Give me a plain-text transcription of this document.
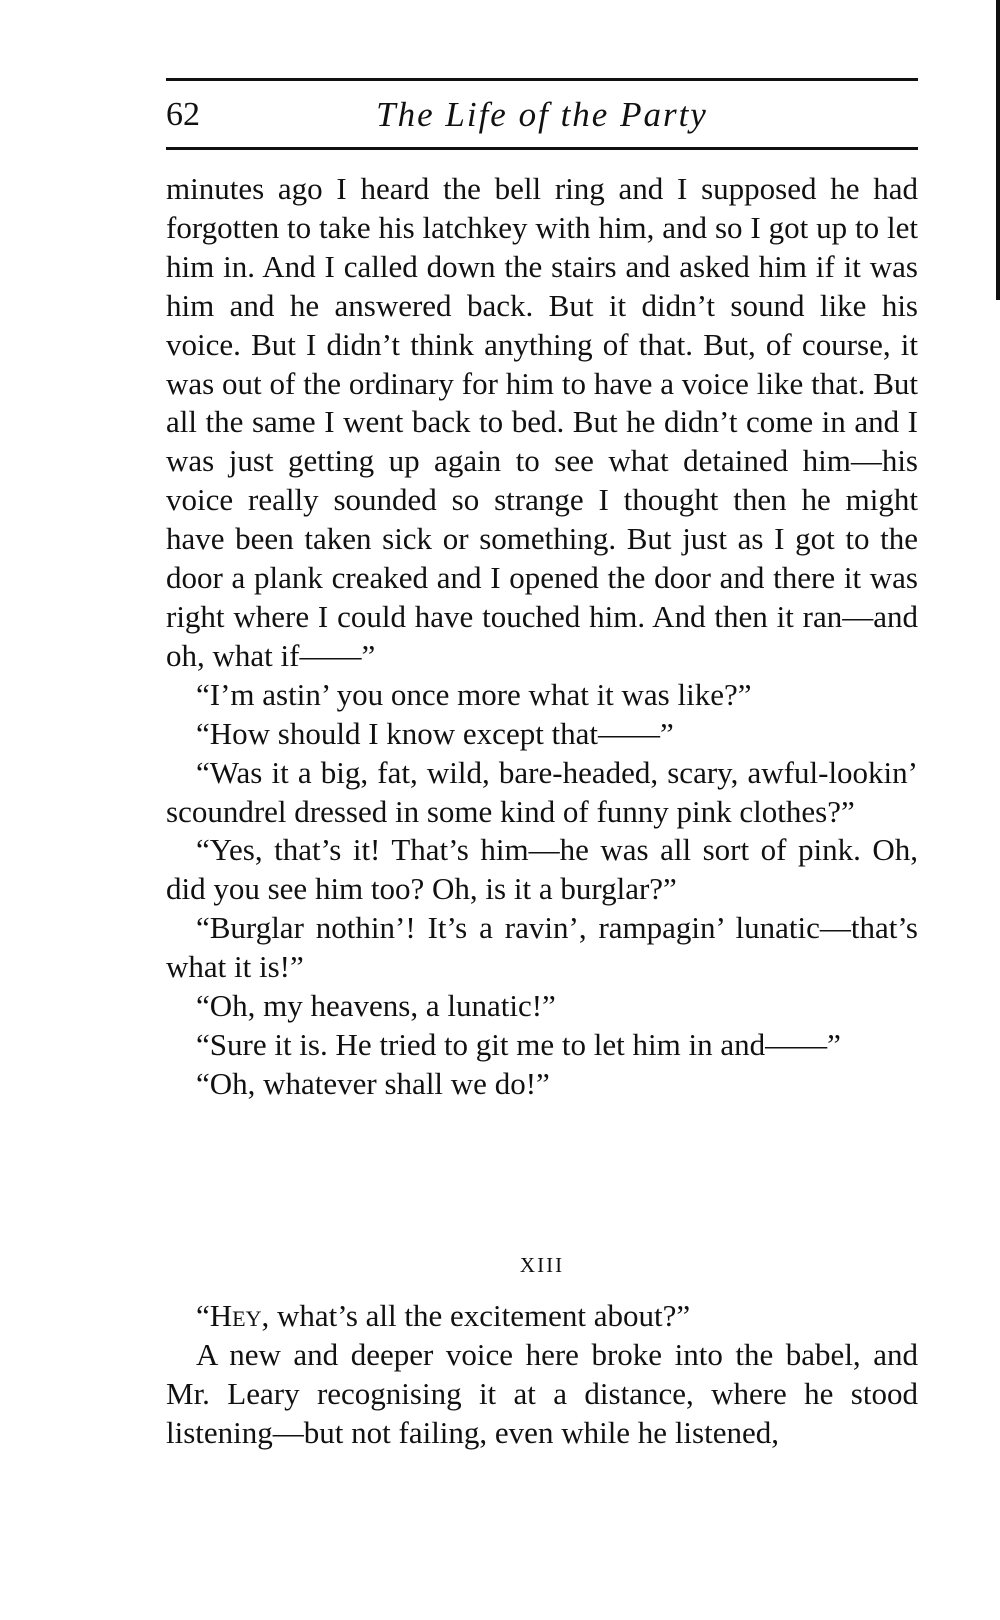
62	The Life of the Party

minutes ago I heard the bell ring and I supposed he had forgotten to take his latchkey with him, and so I got up to let him in. And I called down the stairs and asked him if it was him and he answered back. But it didn’t sound like his voice. But I didn’t think anything of that. But, of course, it was out of the ordinary for him to have a voice like that. But all the same I went back to bed. But he didn’t come in and I was just getting up again to see what detained him—his voice really sounded so strange I thought then he might have been taken sick or something. But just as I got to the door a plank creaked and I opened the door and there it was right where I could have touched him. And then it ran—and oh, what if——”

“I’m astin’ you once more what it was like?”

“How should I know except that——”

“Was it a big, fat, wild, bare-headed, scary, awful-lookin’ scoundrel dressed in some kind of funny pink clothes?”

“Yes, that’s it! That’s him—he was all sort of pink. Oh, did you see him too? Oh, is it a burglar?”

“Burglar nothin’! It’s a ravin’, rampagin’ lunatic—that’s what it is!”

“Oh, my heavens, a lunatic!”

“Sure it is. He tried to git me to let him in and——”

“Oh, whatever shall we do!”

XIII

“Hey, what’s all the excitement about?”

A new and deeper voice here broke into the babel, and Mr. Leary recognising it at a distance, where he stood listening—but not failing, even while he listened,
